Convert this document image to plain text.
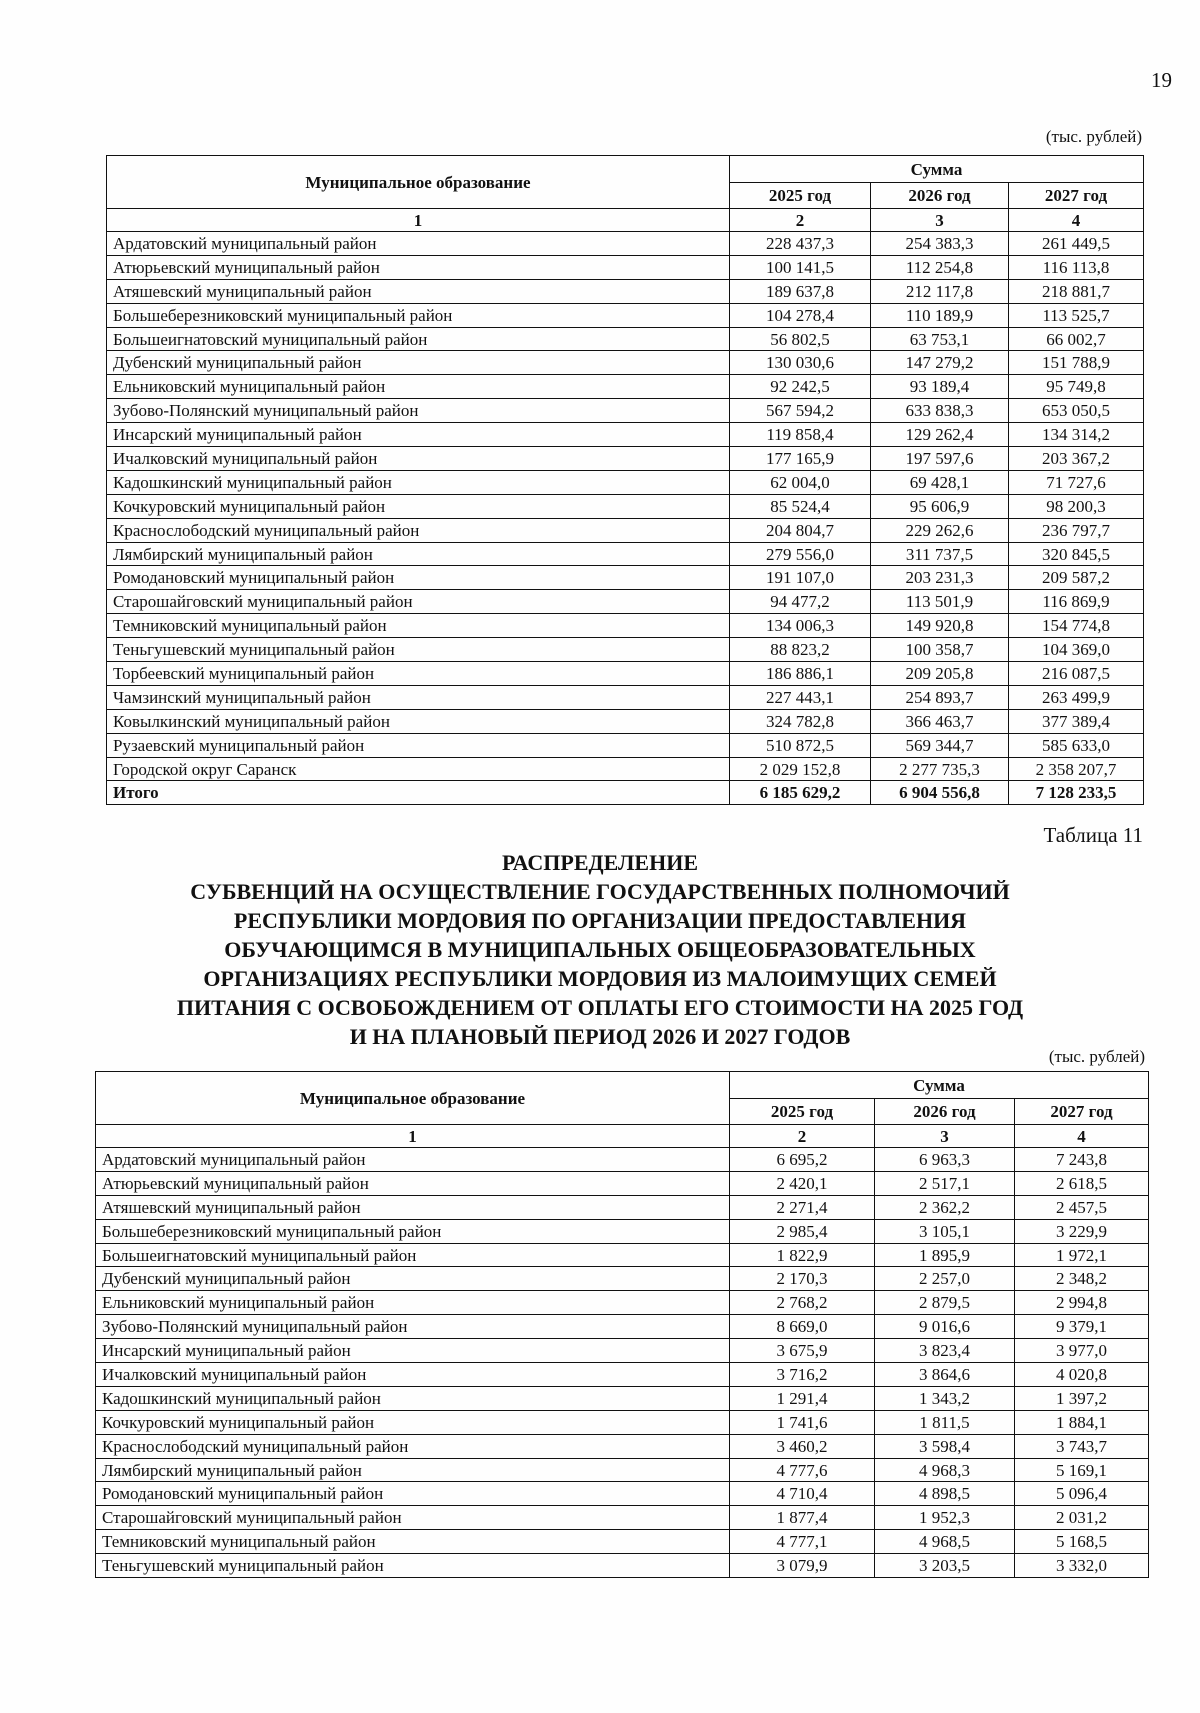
19
(тыс. рублей)
Муниципальное образование	Сумма		
	2025 год	2026 год	2027 год
1	2	3	4
Ардатовский муниципальный район	228 437,3	254 383,3	261 449,5
Атюрьевский муниципальный район	100 141,5	112 254,8	116 113,8
Атяшевский муниципальный район	189 637,8	212 117,8	218 881,7
Большеберезниковский муниципальный район	104 278,4	110 189,9	113 525,7
Большеигнатовский муниципальный район	56 802,5	63 753,1	66 002,7
Дубенский муниципальный район	130 030,6	147 279,2	151 788,9
Ельниковский муниципальный район	92 242,5	93 189,4	95 749,8
Зубово-Полянский муниципальный район	567 594,2	633 838,3	653 050,5
Инсарский муниципальный район	119 858,4	129 262,4	134 314,2
Ичалковский муниципальный район	177 165,9	197 597,6	203 367,2
Кадошкинский муниципальный район	62 004,0	69 428,1	71 727,6
Кочкуровский муниципальный район	85 524,4	95 606,9	98 200,3
Краснослободский муниципальный район	204 804,7	229 262,6	236 797,7
Лямбирский муниципальный район	279 556,0	311 737,5	320 845,5
Ромодановский муниципальный район	191 107,0	203 231,3	209 587,2
Старошайговский муниципальный район	94 477,2	113 501,9	116 869,9
Темниковский муниципальный район	134 006,3	149 920,8	154 774,8
Теньгушевский муниципальный район	88 823,2	100 358,7	104 369,0
Торбеевский муниципальный район	186 886,1	209 205,8	216 087,5
Чамзинский муниципальный район	227 443,1	254 893,7	263 499,9
Ковылкинский муниципальный район	324 782,8	366 463,7	377 389,4
Рузаевский муниципальный район	510 872,5	569 344,7	585 633,0
Городской округ Саранск	2 029 152,8	2 277 735,3	2 358 207,7
Итого	6 185 629,2	6 904 556,8	7 128 233,5
Таблица 11
РАСПРЕДЕЛЕНИЕ
СУБВЕНЦИЙ НА ОСУЩЕСТВЛЕНИЕ ГОСУДАРСТВЕННЫХ ПОЛНОМОЧИЙ
РЕСПУБЛИКИ МОРДОВИЯ ПО ОРГАНИЗАЦИИ ПРЕДОСТАВЛЕНИЯ
ОБУЧАЮЩИМСЯ В МУНИЦИПАЛЬНЫХ ОБЩЕОБРАЗОВАТЕЛЬНЫХ
ОРГАНИЗАЦИЯХ РЕСПУБЛИКИ МОРДОВИЯ ИЗ МАЛОИМУЩИХ СЕМЕЙ
ПИТАНИЯ С ОСВОБОЖДЕНИЕМ ОТ ОПЛАТЫ ЕГО СТОИМОСТИ НА 2025 ГОД
И НА ПЛАНОВЫЙ ПЕРИОД 2026 И 2027 ГОДОВ
(тыс. рублей)
Муниципальное образование	Сумма		
	2025 год	2026 год	2027 год
1	2	3	4
Ардатовский муниципальный район	6 695,2	6 963,3	7 243,8
Атюрьевский муниципальный район	2 420,1	2 517,1	2 618,5
Атяшевский муниципальный район	2 271,4	2 362,2	2 457,5
Большеберезниковский муниципальный район	2 985,4	3 105,1	3 229,9
Большеигнатовский муниципальный район	1 822,9	1 895,9	1 972,1
Дубенский муниципальный район	2 170,3	2 257,0	2 348,2
Ельниковский муниципальный район	2 768,2	2 879,5	2 994,8
Зубово-Полянский муниципальный район	8 669,0	9 016,6	9 379,1
Инсарский муниципальный район	3 675,9	3 823,4	3 977,0
Ичалковский муниципальный район	3 716,2	3 864,6	4 020,8
Кадошкинский муниципальный район	1 291,4	1 343,2	1 397,2
Кочкуровский муниципальный район	1 741,6	1 811,5	1 884,1
Краснослободский муниципальный район	3 460,2	3 598,4	3 743,7
Лямбирский муниципальный район	4 777,6	4 968,3	5 169,1
Ромодановский муниципальный район	4 710,4	4 898,5	5 096,4
Старошайговский муниципальный район	1 877,4	1 952,3	2 031,2
Темниковский муниципальный район	4 777,1	4 968,5	5 168,5
Теньгушевский муниципальный район	3 079,9	3 203,5	3 332,0
